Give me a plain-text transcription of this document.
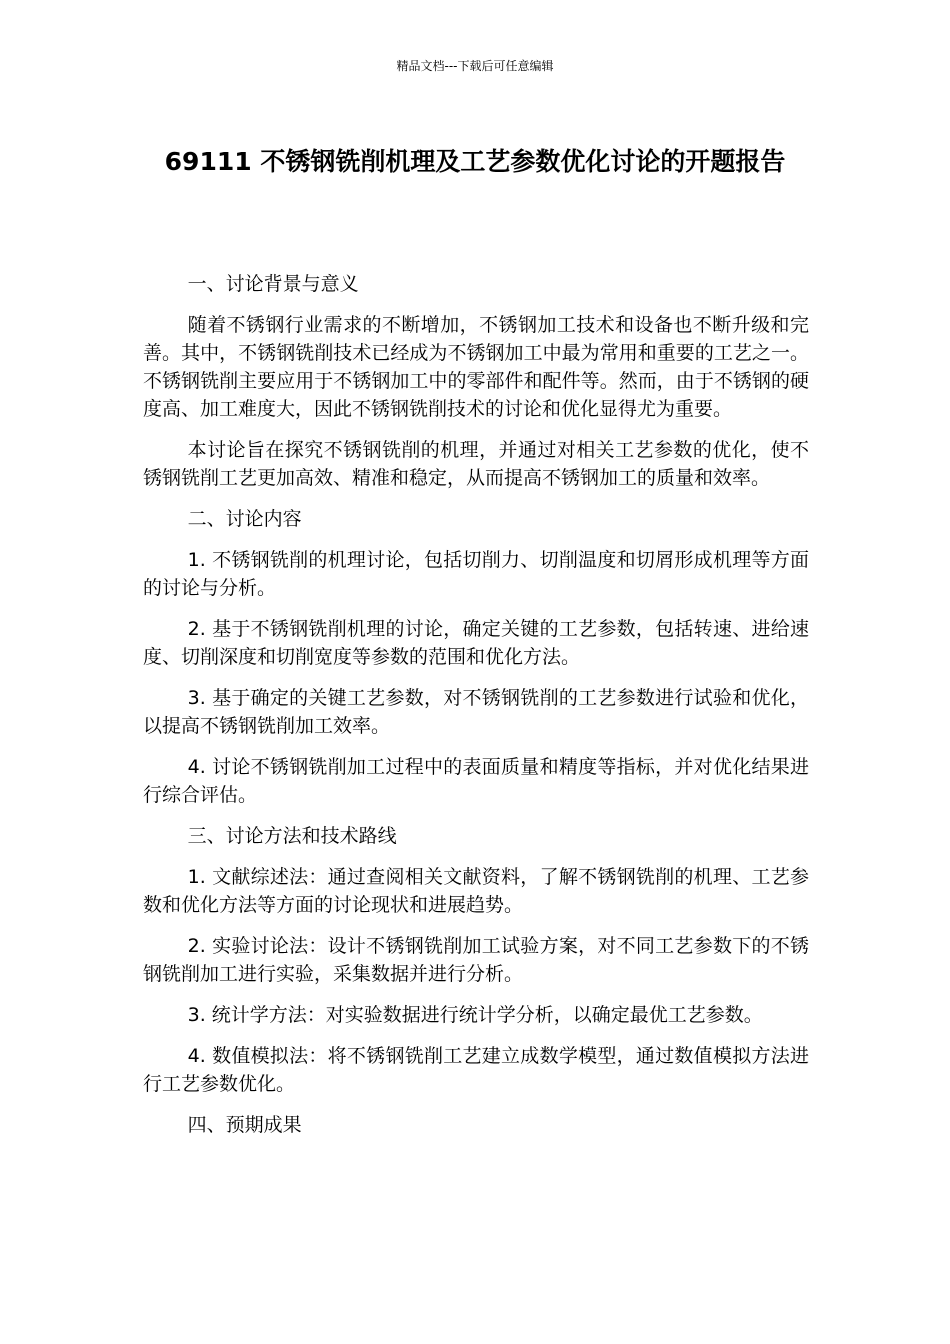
精品文档---下载后可任意编辑
69111 不锈钢铣削机理及工艺参数优化讨论的开题报告

一、讨论背景与意义

随着不锈钢行业需求的不断增加，不锈钢加工技术和设备也不断升级和完善。其中，不锈钢铣削技术已经成为不锈钢加工中最为常用和重要的工艺之一。不锈钢铣削主要应用于不锈钢加工中的零部件和配件等。然而，由于不锈钢的硬度高、加工难度大，因此不锈钢铣削技术的讨论和优化显得尤为重要。

本讨论旨在探究不锈钢铣削的机理，并通过对相关工艺参数的优化，使不锈钢铣削工艺更加高效、精准和稳定，从而提高不锈钢加工的质量和效率。

二、讨论内容

1. 不锈钢铣削的机理讨论，包括切削力、切削温度和切屑形成机理等方面的讨论与分析。

2. 基于不锈钢铣削机理的讨论，确定关键的工艺参数，包括转速、进给速度、切削深度和切削宽度等参数的范围和优化方法。

3. 基于确定的关键工艺参数，对不锈钢铣削的工艺参数进行试验和优化，以提高不锈钢铣削加工效率。

4. 讨论不锈钢铣削加工过程中的表面质量和精度等指标，并对优化结果进行综合评估。

三、讨论方法和技术路线

1. 文献综述法：通过查阅相关文献资料，了解不锈钢铣削的机理、工艺参数和优化方法等方面的讨论现状和进展趋势。

2. 实验讨论法：设计不锈钢铣削加工试验方案，对不同工艺参数下的不锈钢铣削加工进行实验，采集数据并进行分析。

3. 统计学方法：对实验数据进行统计学分析，以确定最优工艺参数。

4. 数值模拟法：将不锈钢铣削工艺建立成数学模型，通过数值模拟方法进行工艺参数优化。

四、预期成果
